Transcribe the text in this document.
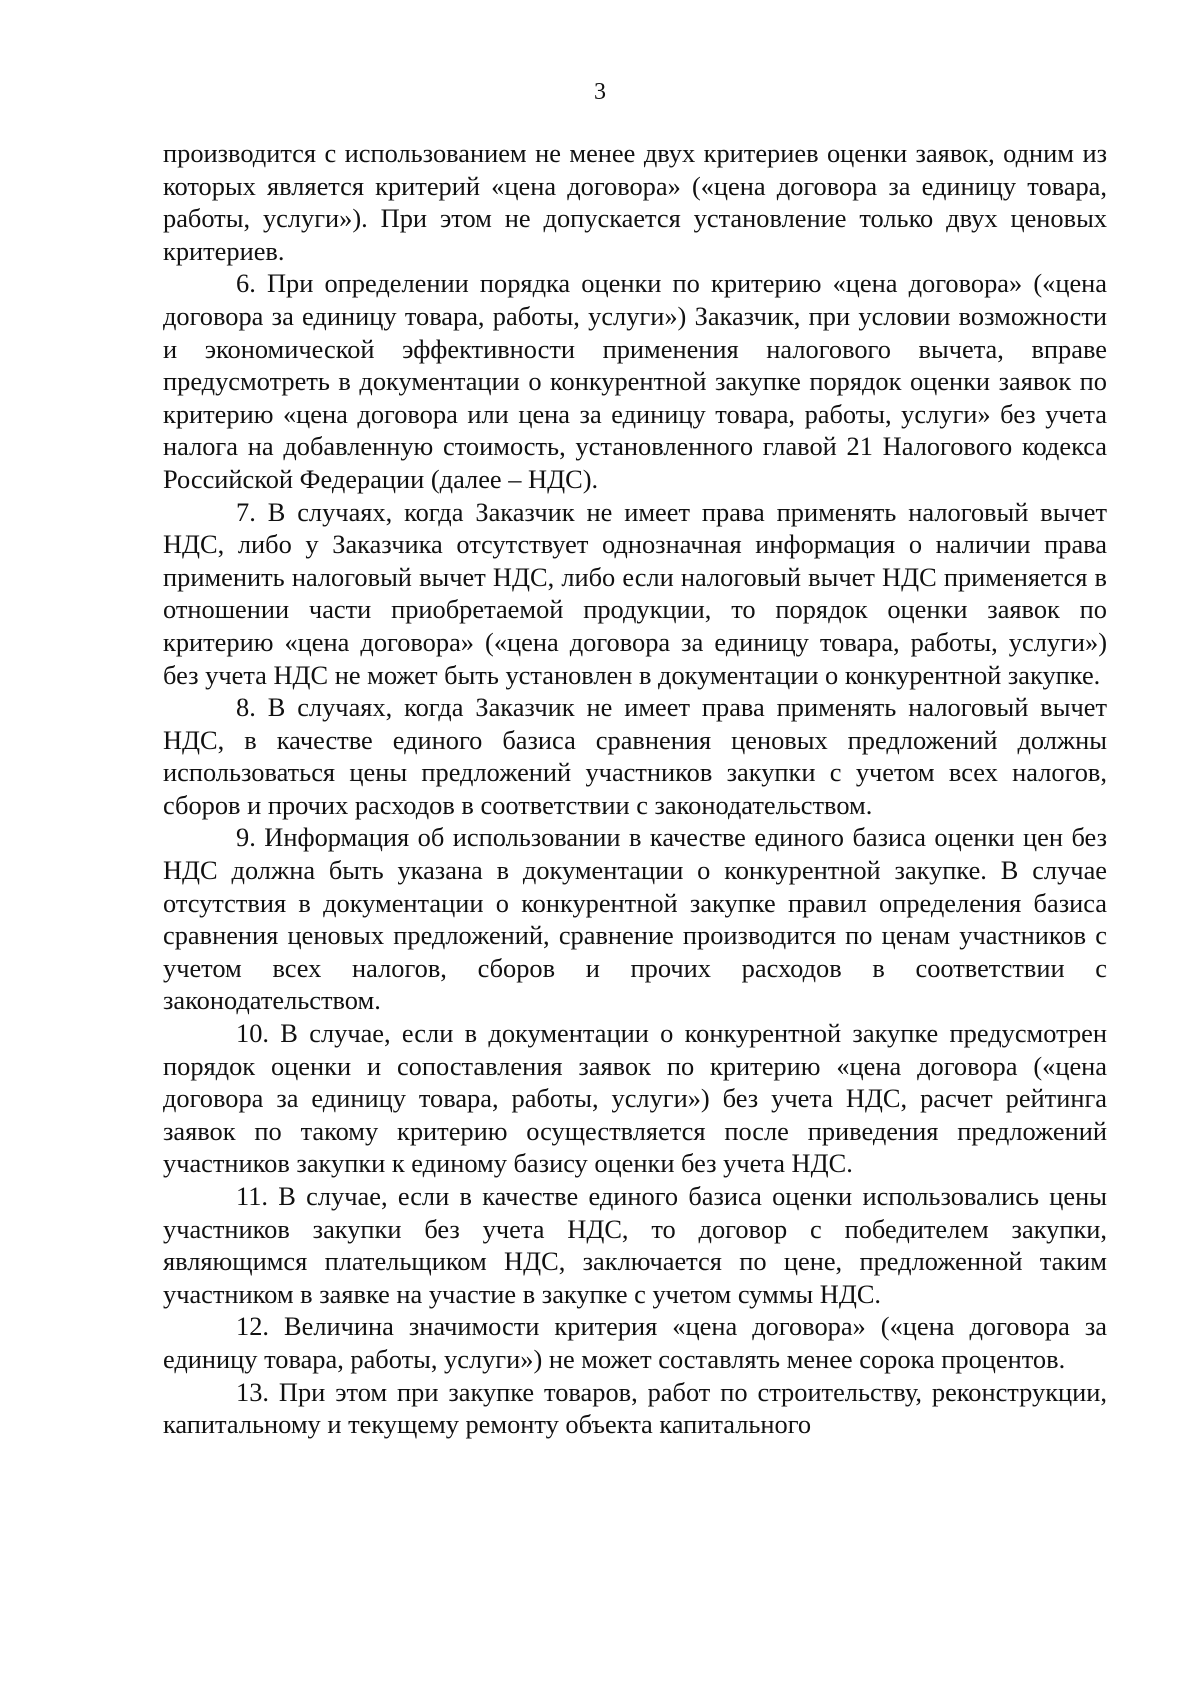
3

производится с использованием не менее двух критериев оценки заявок, одним из которых является критерий «цена договора» («цена договора за единицу товара, работы, услуги»). При этом не допускается установление только двух ценовых критериев.

6. При определении порядка оценки по критерию «цена договора» («цена договора за единицу товара, работы, услуги») Заказчик, при условии возможности и экономической эффективности применения налогового вычета, вправе предусмотреть в документации о конкурентной закупке порядок оценки заявок по критерию «цена договора или цена за единицу товара, работы, услуги» без учета налога на добавленную стоимость, установленного главой 21 Налогового кодекса Российской Федерации (далее – НДС).

7. В случаях, когда Заказчик не имеет права применять налоговый вычет НДС, либо у Заказчика отсутствует однозначная информация о наличии права применить налоговый вычет НДС, либо если налоговый вычет НДС применяется в отношении части приобретаемой продукции, то порядок оценки заявок по критерию «цена договора» («цена договора за единицу товара, работы, услуги») без учета НДС не может быть установлен в документации о конкурентной закупке.

8. В случаях, когда Заказчик не имеет права применять налоговый вычет НДС, в качестве единого базиса сравнения ценовых предложений должны использоваться цены предложений участников закупки с учетом всех налогов, сборов и прочих расходов в соответствии с законодательством.

9. Информация об использовании в качестве единого базиса оценки цен без НДС должна быть указана в документации о конкурентной закупке. В случае отсутствия в документации о конкурентной закупке правил определения базиса сравнения ценовых предложений, сравнение производится по ценам участников с учетом всех налогов, сборов и прочих расходов в соответствии с законодательством.

10. В случае, если в документации о конкурентной закупке предусмотрен порядок оценки и сопоставления заявок по критерию «цена договора («цена договора за единицу товара, работы, услуги») без учета НДС, расчет рейтинга заявок по такому критерию осуществляется после приведения предложений участников закупки к единому базису оценки без учета НДС.

11. В случае, если в качестве единого базиса оценки использовались цены участников закупки без учета НДС, то договор с победителем закупки, являющимся плательщиком НДС, заключается по цене, предложенной таким участником в заявке на участие в закупке с учетом суммы НДС.

12. Величина значимости критерия «цена договора» («цена договора за единицу товара, работы, услуги») не может составлять менее сорока процентов.

13. При этом при закупке товаров, работ по строительству, реконструкции, капитальному и текущему ремонту объекта капитального
